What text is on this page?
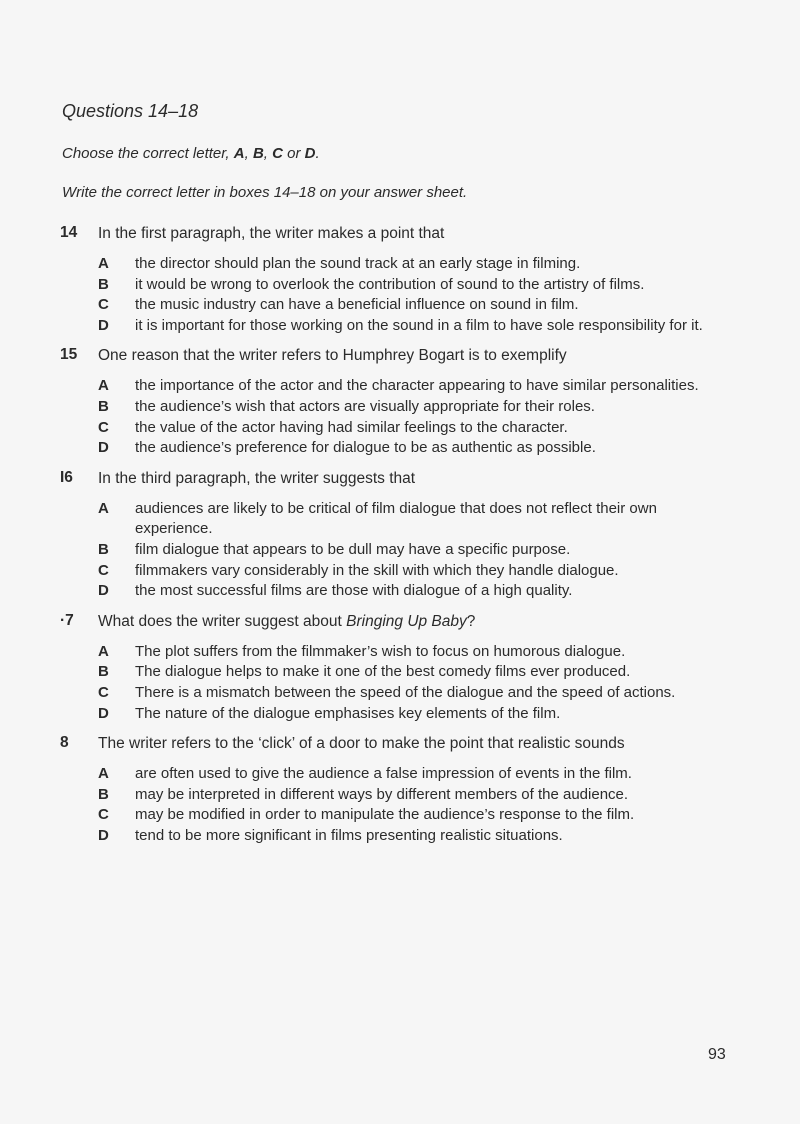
Questions 14–18
Choose the correct letter, A, B, C or D.
Write the correct letter in boxes 14–18 on your answer sheet.
14	In the first paragraph, the writer makes a point that
A	the director should plan the sound track at an early stage in filming.
B	it would be wrong to overlook the contribution of sound to the artistry of films.
C	the music industry can have a beneficial influence on sound in film.
D	it is important for those working on the sound in a film to have sole responsibility for it.
15	One reason that the writer refers to Humphrey Bogart is to exemplify
A	the importance of the actor and the character appearing to have similar personalities.
B	the audience’s wish that actors are visually appropriate for their roles.
C	the value of the actor having had similar feelings to the character.
D	the audience’s preference for dialogue to be as authentic as possible.
I6	In the third paragraph, the writer suggests that
A	audiences are likely to be critical of film dialogue that does not reflect their own experience.
B	film dialogue that appears to be dull may have a specific purpose.
C	filmmakers vary considerably in the skill with which they handle dialogue.
D	the most successful films are those with dialogue of a high quality.
·7	What does the writer suggest about Bringing Up Baby?
A	The plot suffers from the filmmaker’s wish to focus on humorous dialogue.
B	The dialogue helps to make it one of the best comedy films ever produced.
C	There is a mismatch between the speed of the dialogue and the speed of actions.
D	The nature of the dialogue emphasises key elements of the film.
8	The writer refers to the ‘click’ of a door to make the point that realistic sounds
A	are often used to give the audience a false impression of events in the film.
B	may be interpreted in different ways by different members of the audience.
C	may be modified in order to manipulate the audience’s response to the film.
D	tend to be more significant in films presenting realistic situations.
93
